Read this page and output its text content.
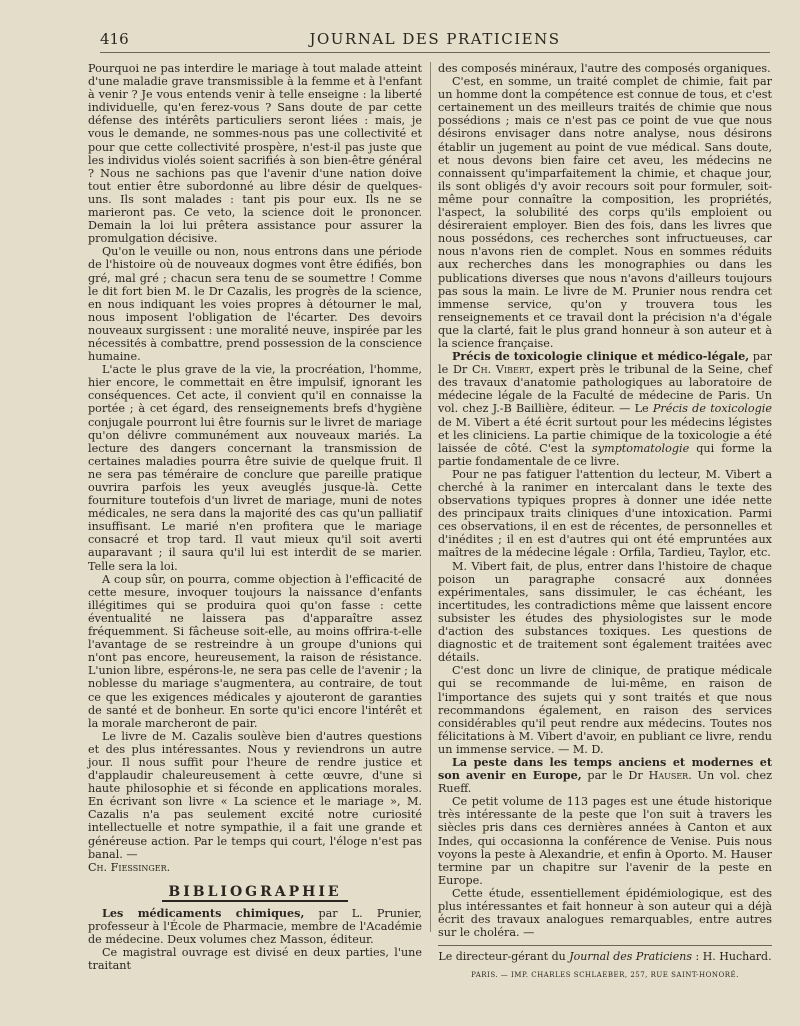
416	JOURNAL DES PRATICIENS

Pourquoi ne pas interdire le mariage à tout malade atteint d'une maladie grave transmissible à la femme et à l'enfant à venir ? Je vous entends venir à telle enseigne : la liberté individuelle, qu'en ferez-vous ? Sans doute de par cette défense des intérêts particuliers seront liées : mais, je vous le demande, ne sommes-nous pas une collectivité et pour que cette collectivité prospère, n'est-il pas juste que les individus violés soient sacrifiés à son bien-être général ? Nous ne sachions pas que l'avenir d'une nation doive tout entier être subordonné au libre désir de quelques-uns. Ils sont malades : tant pis pour eux. Ils ne se marieront pas. Ce veto, la science doit le prononcer. Demain la loi lui prêtera assistance pour assurer la promulgation décisive.

Qu'on le veuille ou non, nous entrons dans une période de l'histoire où de nouveaux dogmes vont être édifiés, bon gré, mal gré ; chacun sera tenu de se soumettre ! Comme le dit fort bien M. le Dr Cazalis, les progrès de la science, en nous indiquant les voies propres à détourner le mal, nous imposent l'obligation de l'écarter. Des devoirs nouveaux surgissent : une moralité neuve, inspirée par les nécessités à combattre, prend possession de la conscience humaine.

L'acte le plus grave de la vie, la procréation, l'homme, hier encore, le commettait en être impulsif, ignorant les conséquences. Cet acte, il convient qu'il en connaisse la portée ; à cet égard, des renseignements brefs d'hygiène conjugale pourront lui être fournis sur le livret de mariage qu'on délivre communément aux nouveaux mariés. La lecture des dangers concernant la transmission de certaines maladies pourra être suivie de quelque fruit. Il ne sera pas téméraire de conclure que pareille pratique ouvrira parfois les yeux aveuglés jusque-là. Cette fourniture toutefois d'un livret de mariage, muni de notes médicales, ne sera dans la majorité des cas qu'un palliatif insuffisant. Le marié n'en profitera que le mariage consacré et trop tard. Il vaut mieux qu'il soit averti auparavant ; il saura qu'il lui est interdit de se marier. Telle sera la loi.

A coup sûr, on pourra, comme objection à l'efficacité de cette mesure, invoquer toujours la naissance d'enfants illégitimes qui se produira quoi qu'on fasse : cette éventualité ne laissera pas d'apparaître assez fréquemment. Si fâcheuse soit-elle, au moins offrira-t-elle l'avantage de se restreindre à un groupe d'unions qui n'ont pas encore, heureusement, la raison de résistance. L'union libre, espérons-le, ne sera pas celle de l'avenir ; la noblesse du mariage s'augmentera, au contraire, de tout ce que les exigences médicales y ajouteront de garanties de santé et de bonheur. En sorte qu'ici encore l'intérêt et la morale marcheront de pair.

Le livre de M. Cazalis soulève bien d'autres questions et des plus intéressantes. Nous y reviendrons un autre jour. Il nous suffit pour l'heure de rendre justice et d'applaudir chaleureusement à cette œuvre, d'une si haute philosophie et si féconde en applications morales. En écrivant son livre « La science et le mariage », M. Cazalis n'a pas seulement excité notre curiosité intellectuelle et notre sympathie, il a fait une grande et généreuse action. Par le temps qui court, l'éloge n'est pas banal. —

Ch. Fiessinger.

BIBLIOGRAPHIE

Les médicaments chimiques, par L. Prunier, professeur à l'École de Pharmacie, membre de l'Académie de médecine. Deux volumes chez Masson, éditeur.

Ce magistral ouvrage est divisé en deux parties, l'une traitant

des composés minéraux, l'autre des composés organiques.

C'est, en somme, un traité complet de chimie, fait par un homme dont la compétence est connue de tous, et c'est certainement un des meilleurs traités de chimie que nous possédions ; mais ce n'est pas ce point de vue que nous désirons envisager dans notre analyse, nous désirons établir un jugement au point de vue médical. Sans doute, et nous devons bien faire cet aveu, les médecins ne connaissent qu'imparfaitement la chimie, et chaque jour, ils sont obligés d'y avoir recours soit pour formuler, soit-même pour connaître la composition, les propriétés, l'aspect, la solubilité des corps qu'ils emploient ou désireraient employer. Bien des fois, dans les livres que nous possédons, ces recherches sont infructueuses, car nous n'avons rien de complet. Nous en sommes réduits aux recherches dans les monographies ou dans les publications diverses que nous n'avons d'ailleurs toujours pas sous la main. Le livre de M. Prunier nous rendra cet immense service, qu'on y trouvera tous les renseignements et ce travail dont la précision n'a d'égale que la clarté, fait le plus grand honneur à son auteur et à la science française.

Précis de toxicologie clinique et médico-légale, par le Dr Ch. Vibert, expert près le tribunal de la Seine, chef des travaux d'anatomie pathologiques au laboratoire de médecine légale de la Faculté de médecine de Paris. Un vol. chez J.-B Baillière, éditeur. — Le Précis de toxicologie de M. Vibert a été écrit surtout pour les médecins légistes et les cliniciens. La partie chimique de la toxicologie a été laissée de côté. C'est la symptomatologie qui forme la partie fondamentale de ce livre.

Pour ne pas fatiguer l'attention du lecteur, M. Vibert a cherché à la ranimer en intercalant dans le texte des observations typiques propres à donner une idée nette des principaux traits cliniques d'une intoxication. Parmi ces observations, il en est de récentes, de personnelles et d'inédites ; il en est d'autres qui ont été empruntées aux maîtres de la médecine légale : Orfila, Tardieu, Taylor, etc.

M. Vibert fait, de plus, entrer dans l'histoire de chaque poison un paragraphe consacré aux données expérimentales, sans dissimuler, le cas échéant, les incertitudes, les contradictions même que laissent encore subsister les études des physiologistes sur le mode d'action des substances toxiques. Les questions de diagnostic et de traitement sont également traitées avec détails.

C'est donc un livre de clinique, de pratique médicale qui se recommande de lui-même, en raison de l'importance des sujets qui y sont traités et que nous recommandons également, en raison des services considérables qu'il peut rendre aux médecins. Toutes nos félicitations à M. Vibert d'avoir, en publiant ce livre, rendu un immense service. — M. D.

La peste dans les temps anciens et modernes et son avenir en Europe, par le Dr Hauser. Un vol. chez Rueff.

Ce petit volume de 113 pages est une étude historique très intéressante de la peste que l'on suit à travers les siècles pris dans ces dernières années à Canton et aux Indes, qui occasionna la conférence de Venise. Puis nous voyons la peste à Alexandrie, et enfin à Oporto. M. Hauser termine par un chapitre sur l'avenir de la peste en Europe.

Cette étude, essentiellement épidémiologique, est des plus intéressantes et fait honneur à son auteur qui a déjà écrit des travaux analogues remarquables, entre autres sur le choléra. —

Le directeur-gérant du Journal des Praticiens : H. Huchard.

PARIS. — IMP. CHARLES SCHLAEBER, 257, RUE SAINT-HONORÉ.
